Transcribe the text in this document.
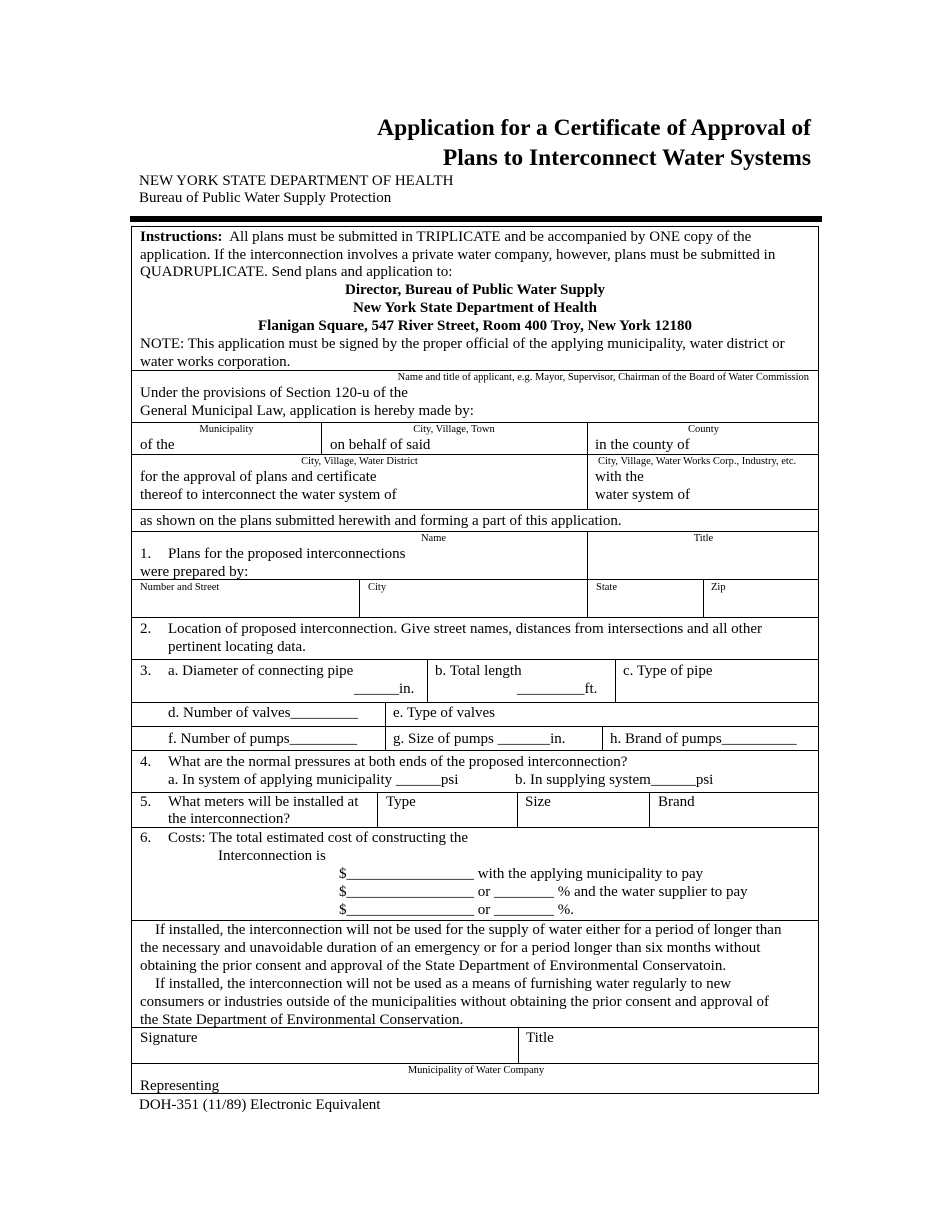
Application for a Certificate of Approval of
Plans to Interconnect Water Systems
NEW YORK STATE DEPARTMENT OF HEALTH
Bureau of Public Water Supply Protection
Instructions:  All plans must be submitted in TRIPLICATE and be accompanied by ONE copy of the
application. If the interconnection involves a private water company, however, plans must be submitted in
QUADRUPLICATE. Send plans and application to:
Director, Bureau of Public Water Supply
New York State Department of Health
Flanigan Square, 547 River Street, Room 400 Troy, New York 12180
NOTE: This application must be signed by the proper official of the applying municipality, water district or
water works corporation.
Name and title of applicant, e.g. Mayor, Supervisor, Chairman of the Board of Water Commission
Under the provisions of Section 120-u of the
General Municipal Law, application is hereby made by:
Municipality	City, Village, Town	County
of the	on behalf of said	in the county of
City, Village, Water District	City, Village, Water Works Corp., Industry, etc.
for the approval of plans and certificate
thereof to interconnect the water system of
with the
water system of
as shown on the plans submitted herewith and forming a part of this application.
Name	Title
1. Plans for the proposed interconnections
were prepared by:
Number and Street	City	State	Zip
2. Location of proposed interconnection. Give street names, distances from intersections and all other
pertinent locating data.
3. a. Diameter of connecting pipe
______in.
b. Total length
_________ft.
c. Type of pipe
d. Number of valves_________ e. Type of valves
f. Number of pumps_________ g. Size of pumps _______in.	h. Brand of pumps__________
4. What are the normal pressures at both ends of the proposed interconnection?
a. In system of applying municipality ______psi	b. In supplying system______psi
5. What meters will be installed at
the interconnection?
Type	Size	Brand
6. Costs: The total estimated cost of constructing the
Interconnection is
$_________________ with the applying municipality to pay
$_________________ or ________ % and the water supplier to pay
$_________________ or ________ %.
If installed, the interconnection will not be used for the supply of water either for a period of longer than
the necessary and unavoidable duration of an emergency or for a period longer than six months without
obtaining the prior consent and approval of the State Department of Environmental Conservatoin.
If installed, the interconnection will not be used as a means of furnishing water regularly to new
consumers or industries outside of the municipalities without obtaining the prior consent and approval of
the State Department of Environmental Conservation.
Signature	Title
Municipality of Water Company
Representing
DOH-351 (11/89) Electronic Equivalent
